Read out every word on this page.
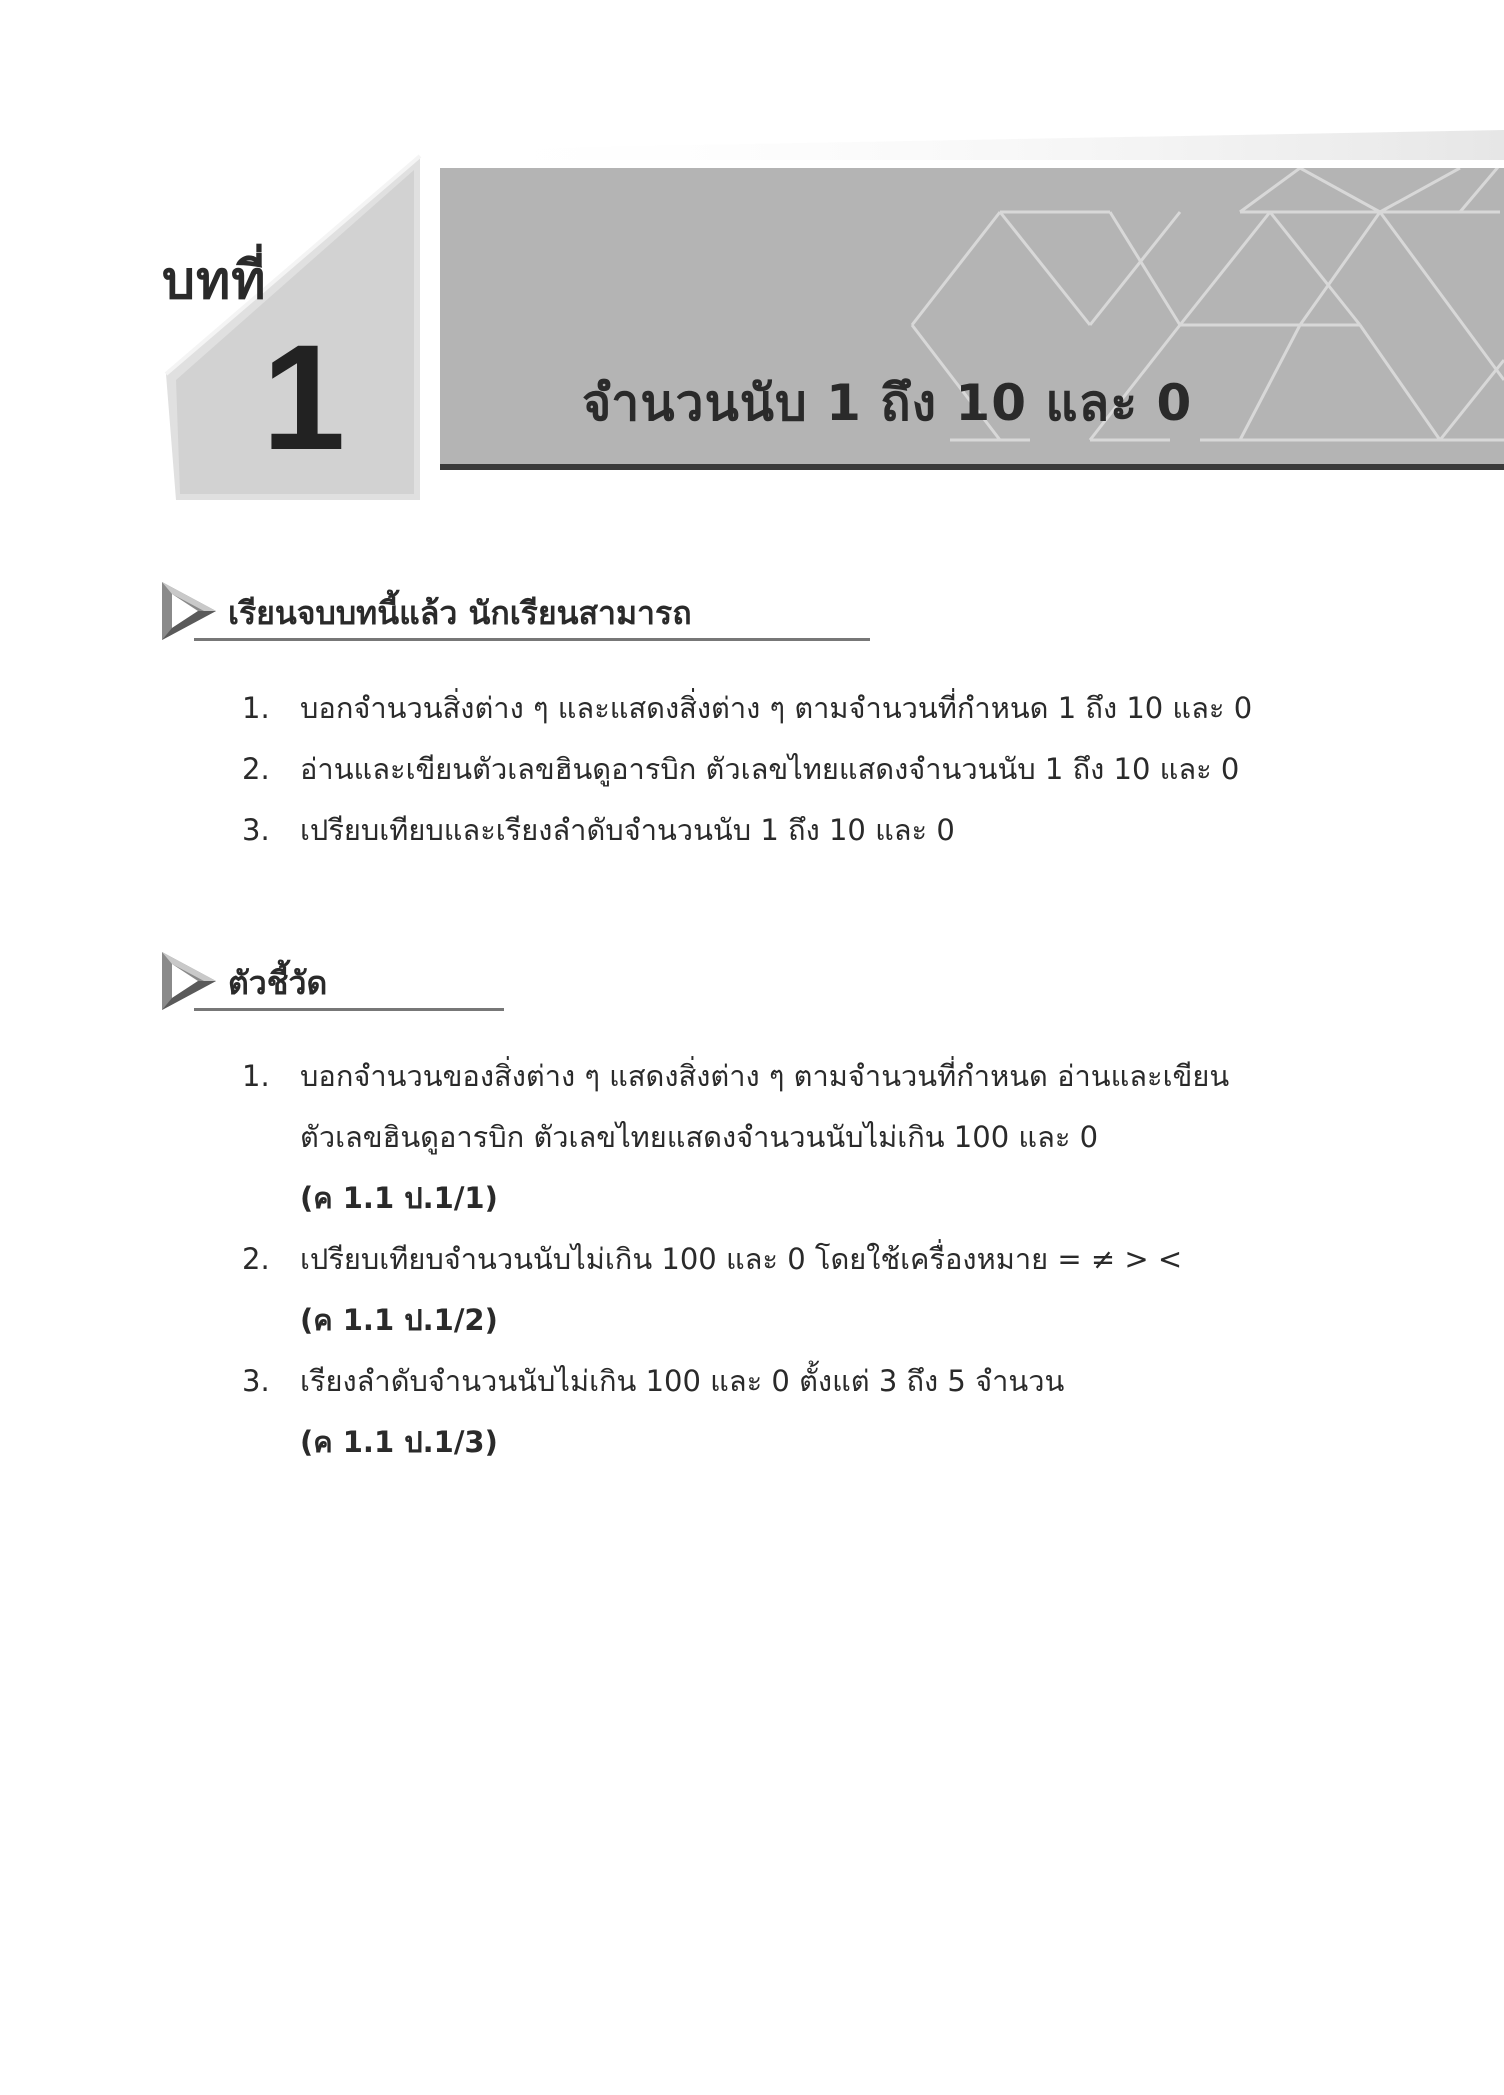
บทที่
1	จำนวนนับ 1 ถึง 10 และ 0
เรียนจบบทนี้แล้ว นักเรียนสามารถ
1. บอกจำนวนสิ่งต่าง ๆ และแสดงสิ่งต่าง ๆ ตามจำนวนที่กำหนด 1 ถึง 10 และ 0
2. อ่านและเขียนตัวเลขฮินดูอารบิก ตัวเลขไทยแสดงจำนวนนับ 1 ถึง 10 และ 0
3. เปรียบเทียบและเรียงลำดับจำนวนนับ 1 ถึง 10 และ 0
ตัวชี้วัด
1. บอกจำนวนของสิ่งต่าง ๆ แสดงสิ่งต่าง ๆ ตามจำนวนที่กำหนด อ่านและเขียน
ตัวเลขฮินดูอารบิก ตัวเลขไทยแสดงจำนวนนับไม่เกิน 100 และ 0
(ค 1.1 ป.1/1)
2. เปรียบเทียบจำนวนนับไม่เกิน 100 และ 0 โดยใช้เครื่องหมาย = ≠ > <
(ค 1.1 ป.1/2)
3. เรียงลำดับจำนวนนับไม่เกิน 100 และ 0 ตั้งแต่ 3 ถึง 5 จำนวน
(ค 1.1 ป.1/3)
